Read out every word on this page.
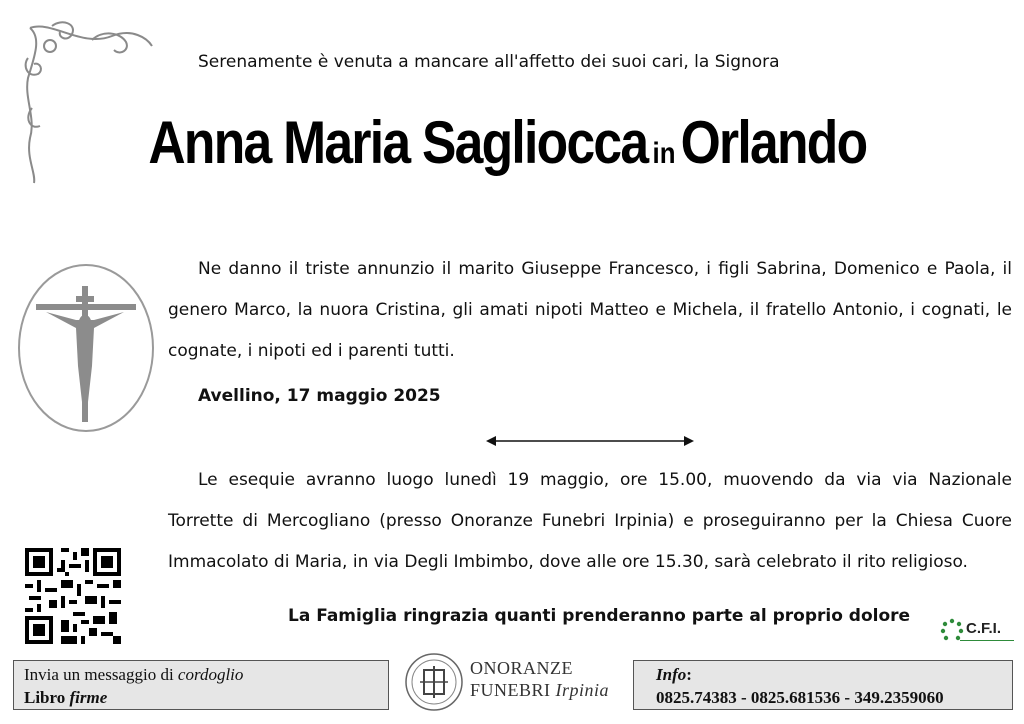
Serenamente è venuta a mancare all'affetto dei suoi cari, la Signora
Anna Maria Sagliocca inOrlando
Ne danno il triste annunzio il marito Giuseppe Francesco, i figli Sabrina, Domenico e Paola, il genero Marco, la nuora Cristina, gli amati nipoti Matteo e Michela, il fratello Antonio, i cognati, le cognate, i nipoti ed i parenti tutti.
Avellino, 17 maggio 2025
Le esequie avranno luogo lunedì 19 maggio, ore 15.00, muovendo da via via Nazionale Torrette di Mercogliano (presso Onoranze Funebri Irpinia) e proseguiranno per la Chiesa Cuore Immacolato di Maria, in via Degli Imbimbo, dove alle ore 15.30, sarà celebrato il rito religioso.
La Famiglia ringrazia quanti prenderanno parte al proprio dolore
C.F.I.
Invia un messaggio di cordoglio
Libro firme
ONORANZE
FUNEBRI Irpinia
Info:
0825.74383 - 0825.681536 - 349.2359060
